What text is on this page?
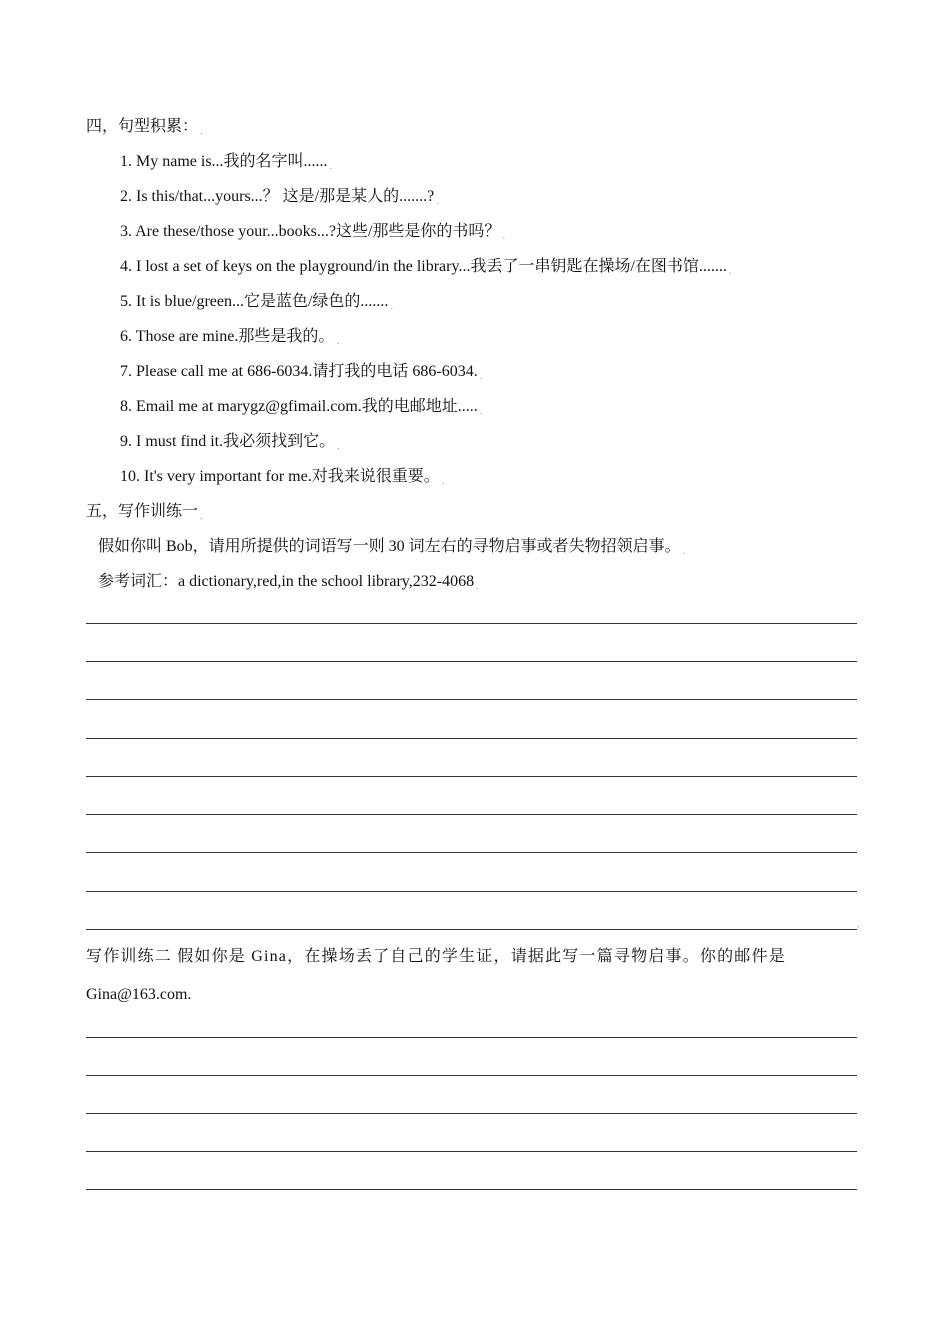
四，句型积累： .
1. My name is...我的名字叫...... .
2. Is this/that...yours...？ 这是/那是某人的.......? .
3. Are these/those your...books...?这些/那些是你的书吗？ .
4. I lost a set of keys on the playground/in the library...我丢了一串钥匙在操场/在图书馆....... .
5. It is blue/green...它是蓝色/绿色的....... .
6. Those are mine.那些是我的。 .
7. Please call me at 686-6034.请打我的电话 686-6034. .
8. Email me at marygz@gfimail.com.我的电邮地址..... .
9. I must find it.我必须找到它。 .
10. It's very important for me.对我来说很重要。 .
五，写作训练一 .
假如你叫 Bob，请用所提供的词语写一则 30 词左右的寻物启事或者失物招领启事。 .
参考词汇：a dictionary,red,in the school library,232-4068 .
.
写作训练二 假如你是 Gina，在操场丢了自己的学生证，请据此写一篇寻物启事。你的邮件是
Gina@163.com.
